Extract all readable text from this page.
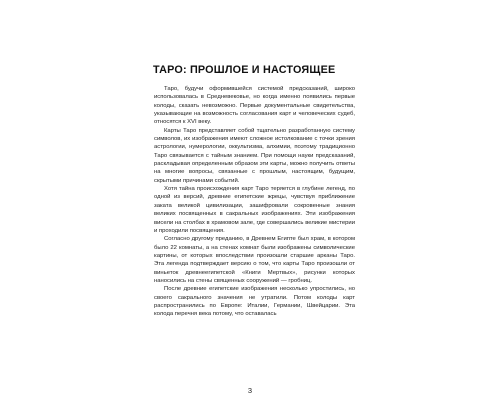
ТАРО: ПРОШЛОЕ И НАСТОЯЩЕЕ

Таро, будучи оформившейся системой предсказаний, широко использовалась в Средневековье, но когда именно появились первые колоды, сказать невозможно. Первые документальные свидетельства, указывающие на возможность согласования карт и человеческих судеб, относятся к XVI веку.

Карты Таро представляет собой тщательно разработанную систему символов, их изображения имеют сложное истолкование с точки зрения астрологии, нумерологии, оккультизма, алхимии, поэтому традиционно Таро связывается с тайным знанием. При помощи науки предсказаний, раскладывая определенным образом эти карты, можно получить ответы на многие вопросы, связанные с прошлым, настоящим, будущим, скрытыми причинами событий.

Хотя тайна происхождения карт Таро теряется в глубине легенд, по одной из версий, древние египетские жрецы, чувствуя приближение заката великой цивилизации, зашифровали сокровенные знания великих посвященных в сакральных изображениях. Эти изображения висели на столбах в храмовом зале, где совершались великие мистерии и проходили посвящения.

Согласно другому преданию, в Древнем Египте был храм, в котором было 22 комнаты, а на стенах комнат были изображены символические картины, от которых впоследствии произошли старшие арканы Таро. Эта легенда подтверждает версию о том, что карты Таро произошли от виньеток древнеегипетской «Книги Мертвых», рисунки которых наносились на стены священных сооружений — гробниц.

После древние египетские изображения несколько упростились, но своего сакрального значения не утратили. Потом колоды карт распространились по Европе: Италии, Германии, Швейцарии. Эта колода перечня века потому, что оставалась

3
